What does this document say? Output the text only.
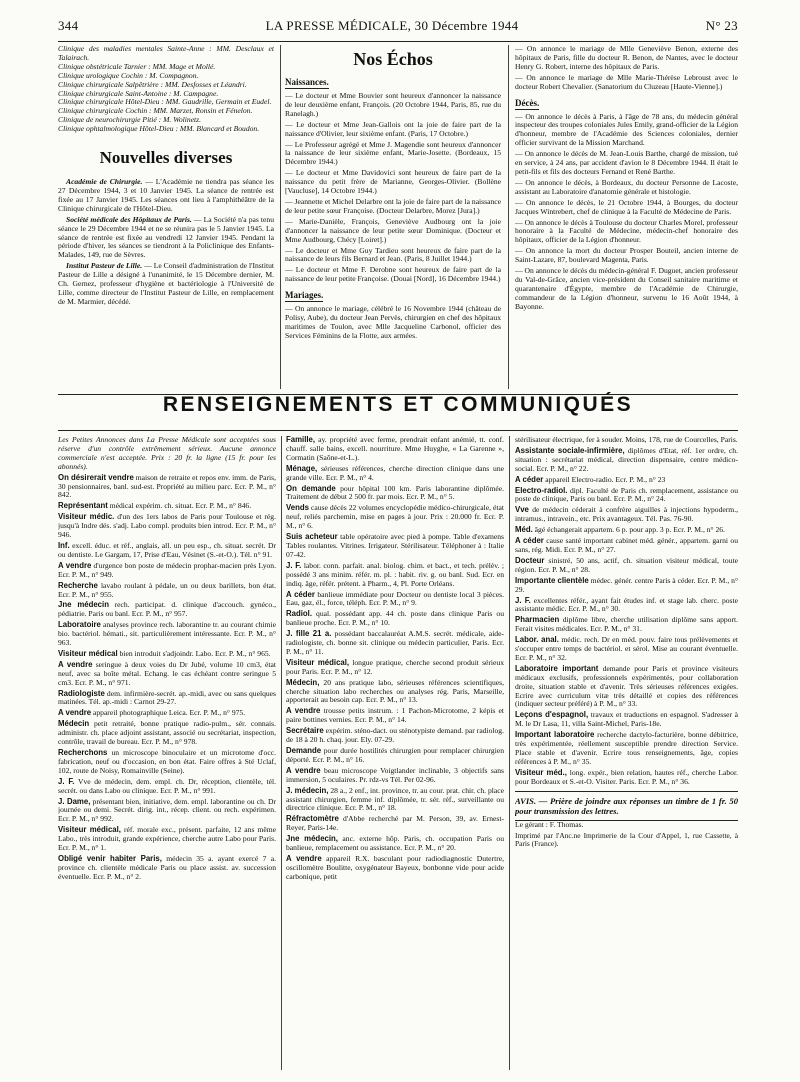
344	LA PRESSE MÉDICALE, 30 Décembre 1944	N° 23

Clinique des maladies mentales Sainte-Anne : MM. Desclaux et Talairach.

Clinique obstétricale Tarnier : MM. Mage et Mollé.

Clinique urologique Cochin : M. Compagnon.

Clinique chirurgicale Salpêtrière : MM. Desfosses et Léandri.

Clinique chirurgicale Saint-Antoine : M. Campagne.

Clinique chirurgicale Hôtel-Dieu : MM. Gaudrille, Germain et Eudel.

Clinique chirurgicale Cochin : MM. Marzet, Ronsin et Fénelon.

Clinique de neurochirurgie Pitié : M. Wolinetz.

Clinique ophtalmologique Hôtel-Dieu : MM. Blancard et Boudon.

Nouvelles diverses

Académie de Chirurgie. — L'Académie ne tiendra pas séance les 27 Décembre 1944, 3 et 10 Janvier 1945. La séance de rentrée est fixée au 17 Janvier 1945. Les séances ont lieu à l'amphithéâtre de la Clinique chirurgicale de l'Hôtel-Dieu.

Société médicale des Hôpitaux de Paris. — La Société n'a pas tenu séance le 29 Décembre 1944 et ne se réunira pas le 5 Janvier 1945. La séance de rentrée est fixée au vendredi 12 Janvier 1945. Pendant la période d'hiver, les séances se tiendront à la Policlinique des Enfants-Malades, 149, rue de Sèvres.

Institut Pasteur de Lille. — Le Conseil d'administration de l'Institut Pasteur de Lille a désigné à l'unanimité, le 15 Décembre dernier, M. Ch. Gernez, professeur d'hygiène et bactériologie à l'Université de Lille, comme directeur de l'Institut Pasteur de Lille, en remplacement de M. Marmier, décédé.

Nos Échos
Naissances.

— Le docteur et Mme Bouvier sont heureux d'annoncer la naissance de leur deuxième enfant, François. (20 Octobre 1944, Paris, 85, rue du Ranelagh.)

— Le docteur et Mme Jean-Gallois ont la joie de faire part de la naissance d'Olivier, leur sixième enfant. (Paris, 17 Octobre.)

— Le Professeur agrégé et Mme J. Magendie sont heureux d'annoncer la naissance de leur sixième enfant, Marie-Josette. (Bordeaux, 15 Décembre 1944.)

— Le docteur et Mme Davidovici sont heureux de faire part de la naissance du petit frère de Marianne, Georges-Olivier. (Bollène [Vaucluse], 14 Octobre 1944.)

— Jeannette et Michel Delarbre ont la joie de faire part de la naissance de leur petite sœur Françoise. (Docteur Delarbre, Morez [Jura].)

— Marie-Danièle, François, Geneviève Audbourg ont la joie d'annoncer la naissance de leur petite sœur Dominique. (Docteur et Mme Audbourg, Chécy [Loiret].)

— Le docteur et Mme Guy Tardieu sont heureux de faire part de la naissance de leurs fils Bernard et Jean. (Paris, 8 Juillet 1944.)

— Le docteur et Mme F. Derobne sont heureux de faire part de la naissance de leur petite Françoise. (Douai [Nord], 16 Décembre 1944.)

Mariages.

— On annonce le mariage, célébré le 16 Novembre 1944 (château de Polisy, Aube), du docteur Jean Pervès, chirurgien en chef des hôpitaux maritimes de Toulon, avec Mlle Jacqueline Carbonol, officier des Services Féminins de la Flotte, aux armées.

— On annonce le mariage de Mlle Geneviève Benon, externe des hôpitaux de Paris, fille du docteur R. Benon, de Nantes, avec le docteur Henry G. Robert, interne des hôpitaux de Paris.

— On annonce le mariage de Mlle Marie-Thérèse Lebroust avec le docteur Robert Chevalier. (Sanatorium du Cluzeau [Haute-Vienne].)

Décès.

— On annonce le décès à Paris, à l'âge de 78 ans, du médecin général inspecteur des troupes coloniales Jules Emily, grand-officier de la Légion d'honneur, membre de l'Académie des Sciences coloniales, dernier officier survivant de la Mission Marchand.

— On annonce le décès de M. Jean-Louis Barthe, chargé de mission, tué en service, à 24 ans, par accident d'avion le 8 Décembre 1944. Il était le petit-fils et fils des docteurs Fernand et René Barthe.

— On annonce le décès, à Bordeaux, du docteur Personne de Lacoste, assistant au Laboratoire d'anatomie générale et histologie.

— On annonce le décès, le 21 Octobre 1944, à Bourges, du docteur Jacques Wintrebert, chef de clinique à la Faculté de Médecine de Paris.

— On annonce le décès à Toulouse du docteur Charles Morel, professeur honoraire à la Faculté de Médecine, médecin-chef honoraire des hôpitaux, officier de la Légion d'honneur.

— On annonce la mort du docteur Prosper Bouteil, ancien interne de Saint-Lazare, 87, boulevard Magenta, Paris.

— On annonce le décès du médecin-général F. Duguet, ancien professeur du Val-de-Grâce, ancien vice-président du Conseil sanitaire maritime et quarantenaire d'Égypte, membre de l'Académie de Chirurgie, commandeur de la Légion d'honneur, survenu le 16 Août 1944, à Bayonne.

RENSEIGNEMENTS ET COMMUNIQUÉS

Les Petites Annonces dans La Presse Médicale sont acceptées sous réserve d'un contrôle extrêmement sérieux. Aucune annonce commerciale n'est acceptée. Prix : 20 fr. la ligne (15 fr. pour les abonnés).

On désirerait vendre maison de retraite et repos env. imm. de Paris, 30 pensionnaires, banl. sud-est. Propriété au milieu parc. Ecr. P. M., n° 842.

Représentant médical expérim. ch. situat. Ecr. P. M., n° 846.

Visiteur médic. d'un des 1ers labos de Paris pour Toulouse et rég. jusqu'à Indre dés. s'adj. Labo compl. produits bien introd. Ecr. P. M., n° 946.

Inf. excell. éduc. et réf., anglais, all. un peu esp., ch. situat. secrét. Dr ou dentiste. Le Gargam, 17, Prise d'Eau, Vésinet (S.-et-O.). Tél. n° 91.

A vendre d'urgence bon poste de médecin prophar-macien près Lyon. Ecr. P. M., n° 949.

Recherche lavabo roulant à pédale, un ou deux barillets, bon état. Ecr. P. M., n° 955.

Jne médecin rech. participat. d. clinique d'accouch. gynéco., pédiatrie. Paris ou banl. Ecr. P. M., n° 957.

Laboratoire analyses province rech. laborantine tr. au courant chimie bio. bactériol. hémati., sit. particulièrement intéressante. Ecr. P. M., n° 963.

Visiteur médical bien introduit s'adjoindr. Labo. Ecr. P. M., n° 965.

A vendre seringue à deux voies du Dr Jubé, volume 10 cm3, état neuf, avec sa boîte métal. Echang. le cas échéant contre seringue 5 cm3. Ecr. P. M., n° 971.

Radiologiste dem. infirmière-secrét. ap.-midi, avec ou sans quelques matinées. Tél. ap.-midi : Carnot 29-27.

A vendre appareil photographique Leica. Ecr. P. M., n° 975.

Médecin petit retraité, bonne pratique radio-pulm., sér. connais. administr. ch. place adjoint assistant, associé ou secrétariat, inspection, contrôle, travail de bureau. Ecr. P. M., n° 978.

Recherchons un microscope binoculaire et un microtome d'occ. fabrication, neuf ou d'occasion, en bon état. Faire offres à Sté Uclaf, 102, route de Noisy, Romainville (Seine).

J. F. Vve de médecin, dem. empl. ch. Dr, réception, clientèle, tél. secrét. ou dans Labo ou clinique. Ecr. P. M., n° 991.

J. Dame, présentant bien, initiative, dem. empl. laborantine ou ch. Dr journée ou demi. Secrét. dirig. int., récep. client. ou rech. expérimen. Ecr. P. M., n° 992.

Visiteur médical, réf. morale exc., présent. parfaite, 12 ans même Labo., très introduit, grande expérience, cherche autre Labo pour Paris. Ecr. P. M., n° 1.

Obligé venir habiter Paris, médecin 35 a. ayant exercé 7 a. province ch. clientèle médicale Paris ou place assist. av. succession éventuelle. Ecr. P. M., n° 2.

Famille, ay. propriété avec ferme, prendrait enfant anémié, tt. conf. chauff. salle bains, excell. nourriture. Mme Huyghe, « La Garenne », Cormatin (Saône-et-L.).

Ménage, sérieuses références, cherche direction clinique dans une grande ville. Ecr. P. M., n° 4.

On demande pour hôpital 100 km. Paris laborantine diplômée. Traitement de début 2 500 fr. par mois. Ecr. P. M., n° 5.

Vends cause décès 22 volumes encyclopédie médico-chirurgicale, état neuf, reliés parchemin, mise en pages à jour. Prix : 20.000 fr. Ecr. P. M., n° 6.

Suis acheteur table opératoire avec pied à pompe. Table d'examens Tables roulantes. Vitrines. Irrigateur. Stérilisateur. Téléphoner à : Italie 07-42.

J. F. labor. conn. parfait. anal. biolog. chim. et bact., et tech. prélèv. ; possédé 3 ans minim. référ. m. pl. : habit. riv. g. ou banl. Sud. Ecr. en indiq. âge, référ. prétent. à Pharm., 4, Pl. Porte Orléans.

A céder banlieue immédiate pour Docteur ou dentiste local 3 pièces. Eau, gaz, él., force, téléph. Ecr. P. M., n° 9.

Radiol. qual. possédant app. 44 ch. poste dans clinique Paris ou banlieue proche. Ecr. P. M., n° 10.

J. fille 21 a. possédant baccalauréat A.M.S. secrét. médicale, aide-radiologiste, ch. bonne sit. clinique ou médecin particulier, Paris. Ecr. P. M., n° 11.

Visiteur médical, longue pratique, cherche second produit sérieux pour Paris. Ecr. P. M., n° 12.

Médecin, 20 ans pratique labo, sérieuses références scientifiques, cherche situation labo recherches ou analyses rég. Paris, Marseille, apporterait au besoin cap. Ecr. P. M., n° 13.

A vendre trousse petits instrum. : 1 Pachon-Microtome, 2 képis et paire bottines vernies. Ecr. P. M., n° 14.

Secrétaire expérim. sténo-dact. ou sténotypiste demand. par radiolog. de 18 à 20 h. chaq. jour. Ely. 07-29.

Demande pour durée hostilités chirurgien pour remplacer chirurgien déporté. Ecr. P. M., n° 16.

A vendre beau microscope Voigtlander inclinable, 3 objectifs sans immersion, 5 oculaires. Pr. rdz-vs Tél. Per 02-96.

J. médecin, 28 a., 2 enf., int. province, tr. au cour. prat. chir. ch. place assistant chirurgien, femme inf. diplômée, tr. sér. réf., surveillante ou directrice clinique. Ecr. P. M., n° 18.

Réfractomètre d'Abbe recherché par M. Person, 39, av. Ernest-Reyer, Paris-14e.

Jne médecin, anc. externe hôp. Paris, ch. occupation Paris ou banlieue, remplacement ou assistance. Ecr. P. M., n° 20.

A vendre appareil R.X. basculant pour radiodiagnostic Dutertre, oscillomètre Boulitte, oxygénateur Bayeux, bonbonne vide pour acide carbonique, petit

stérilisateur électrique, fer à souder. Moins, 178, rue de Courcelles, Paris.

Assistante sociale-infirmière, diplômes d'Etat, réf. 1er ordre, ch. situation : secrétariat médical, direction dispensaire, centre médico-social. Ecr. P. M., n° 22.

A céder appareil Electro-radio. Ecr. P. M., n° 23

Electro-radiol. dipl. Faculté de Paris ch. remplacement, assistance ou poste de clinique, Paris ou banl. Ecr. P. M., n° 24.

Vve de médecin céderait à confrère aiguilles à injections hypoderm., intramus., intravein., etc. Prix avantageux. Tél. Pas. 76-90.

Méd. âgé échangerait appartem. 6 p. pour app. 3 p. Ecr. P. M., n° 26.

A céder cause santé important cabinet méd. génér., appartem. garni ou sans, rég. Midi. Ecr. P. M., n° 27.

Docteur sinistré, 50 ans, actif, ch. situation visiteur médical, toute région. Ecr. P. M., n° 28.

Importante clientèle médec. génér. centre Paris à céder. Ecr. P. M., n° 29.

J. F. excellentes référ., ayant fait études inf. et stage lab. cherc. poste assistante médic. Ecr. P. M., n° 30.

Pharmacien diplôme libre, cherche utilisation diplôme sans apport. Ferait visites médicales. Ecr. P. M., n° 31.

Labor. anal. médic. rech. Dr en méd. pouv. faire tous prélèvements et s'occuper entre temps de bactériol. et sérol. Mise au courant éventuelle. Ecr. P. M., n° 32.

Laboratoire important demande pour Paris et province visiteurs médicaux exclusifs, professionnels expérimentés, pour collaboration droite, situation stable et d'avenir. Très sérieuses références exigées. Ecrire avec curriculum vitæ très détaillé et copies des références (indiquer secteur préféré) à P. M., n° 33.

Leçons d'espagnol, travaux et traductions en espagnol. S'adresser à M. le Dr Lasa, 11, villa Saint-Michel, Paris-18e.

Important laboratoire recherche dactylo-facturière, bonne débitrice, très expérimentée, réellement susceptible prendre direction Service. Place stable et d'avenir. Ecrire tous renseignements, âge, copies références à P. M., n° 35.

Visiteur méd., long. expér., bien relation, hautes réf., cherche Labor. pour Bordeaux et S.-et-O. Visiter. Paris. Ecr. P. M., n° 36.

AVIS. — Prière de joindre aux réponses un timbre de 1 fr. 50 pour transmission des lettres.

Le gérant : F. Thomas.

Imprimé par l'Anc.ne Imprimerie de la Cour d'Appel, 1, rue Cassette, à Paris (France).
